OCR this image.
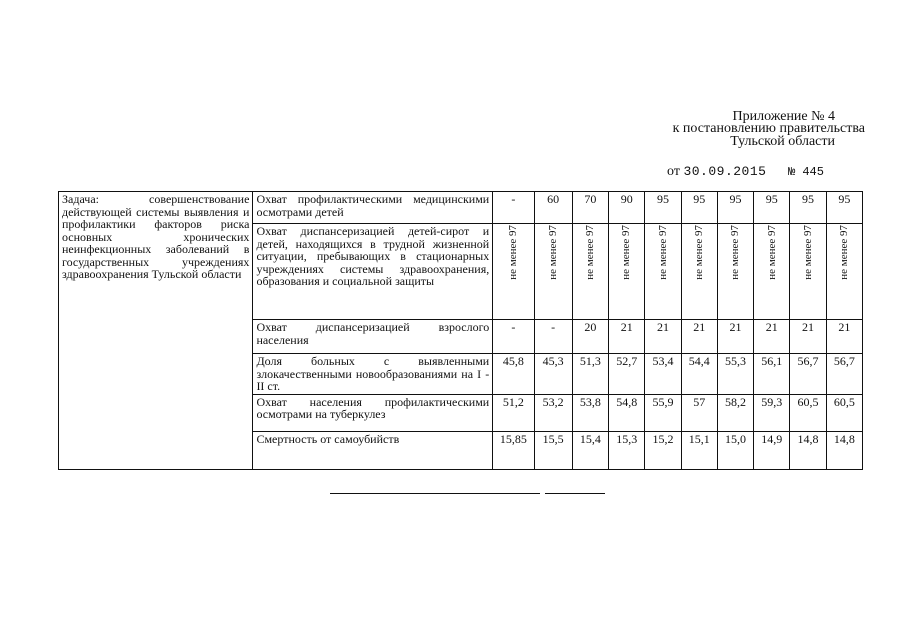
Приложение № 4
к постановлению правительства
Тульской области
от 30.09.2015 № 445
Задача: совершенствование действующей системы выявления и профилактики факторов риска основных хронических неинфекционных заболеваний в государственных учреждениях здравоохранения Тульской области	Охват профилактическими медицинскими осмотрами детей	-	60	70	90	95	95	95	95	95	95
	Охват диспансеризацией детей-сирот и детей, находящихся в трудной жизненной ситуации, пребывающих в стационарных учреждениях системы здравоохранения, образования и социальной защиты	не менее 97	не менее 97	не менее 97	не менее 97	не менее 97	не менее 97	не менее 97	не менее 97	не менее 97	не менее 97

	Охват диспансеризацией взрослого населения	-	-	20	21	21	21	21	21	21	21
	Доля больных с выявленными злокачественными новообразованиями на I - II ст.	45,8	45,3	51,3	52,7	53,4	54,4	55,3	56,1	56,7	56,7
	Охват населения профилактическими осмотрами на туберкулез	51,2	53,2	53,8	54,8	55,9	57	58,2	59,3	60,5	60,5
	Смертность от самоубийств	15,85	15,5	15,4	15,3	15,2	15,1	15,0	14,9	14,8	14,8
